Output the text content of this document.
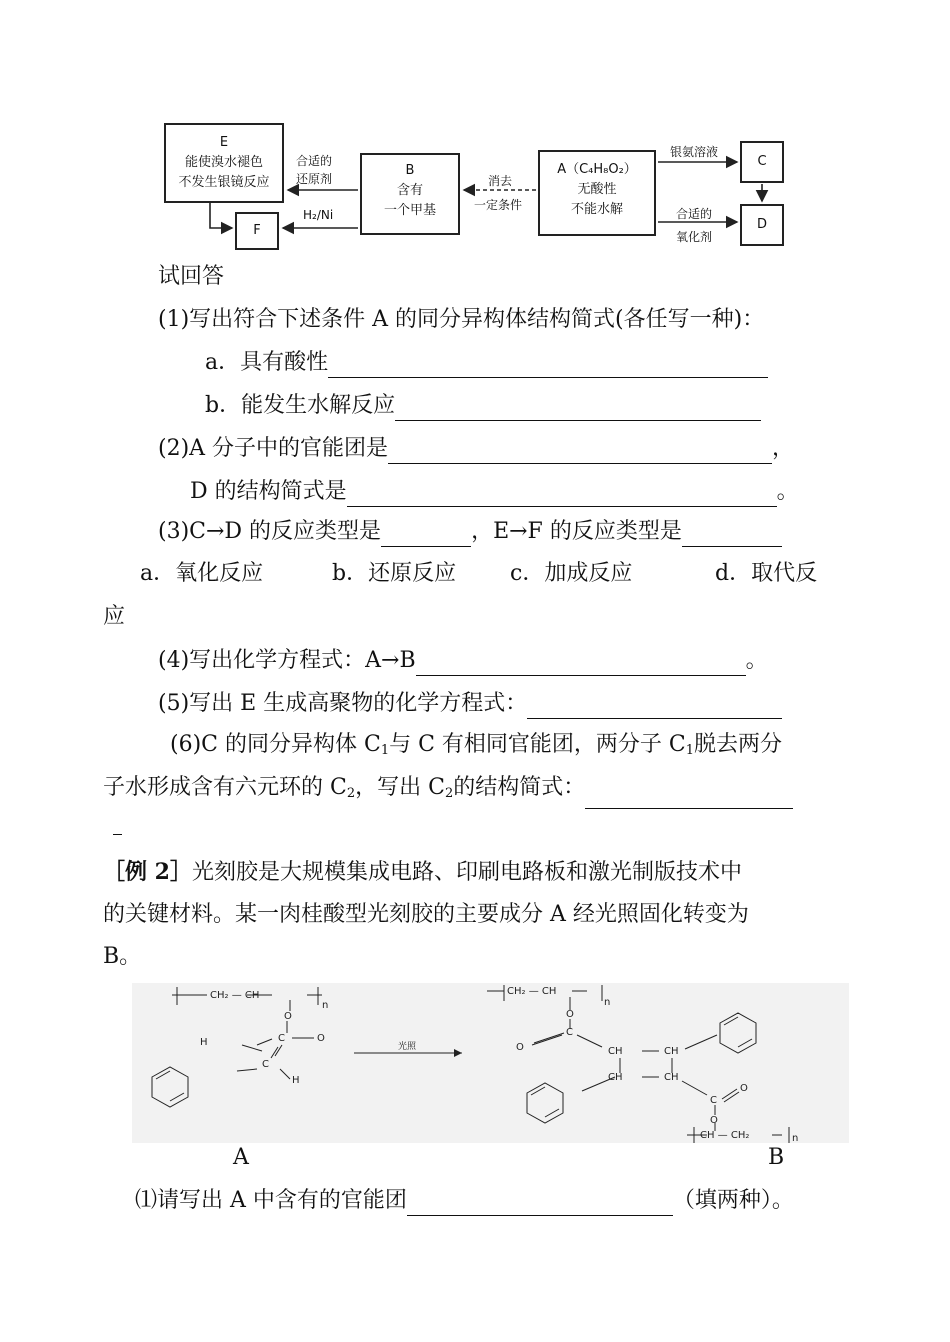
E
能使溴水褪色
不发生银镜反应
F
B
含有
一个甲基
A（C₄H₈O₂）
无酸性
不能水解
C
D
合适的
还原剂
H₂/Ni
消去
一定条件
银氨溶液
合适的
氧化剂
试回答
(1)写出符合下述条件 A 的同分异构体结构简式(各任写一种)：
a．具有酸性
b．能发生水解反应
(2)A 分子中的官能团是	，
D 的结构简式是	。
(3)C→D 的反应类型是	，E→F 的反应类型是
a．氧化反应	b．还原反应 c．加成反应	d．取代反
应
(4)写出化学方程式：A→B	。
(5)写出 E 生成高聚物的化学方程式：
(6)C 的同分异构体 $C_1$与 C 有相同官能团，两分子 $C_1$脱去两分
子水形成含有六元环的 $C_2$，写出 $C_2$的结构简式：
［例 2］光刻胶是大规模集成电路、印刷电路板和激光制版技术中
的关键材料。某一肉桂酸型光刻胶的主要成分 A 经光照固化转变为
B。
CH₂ — CH
n
O
C	O
H
C
H
光照
CH₂ — CH
n
O
C
O	CH	CH
CH	CH
C
O
O
CH — CH₂	n
A	B
⑴请写出 A 中含有的官能团	（填两种）。
